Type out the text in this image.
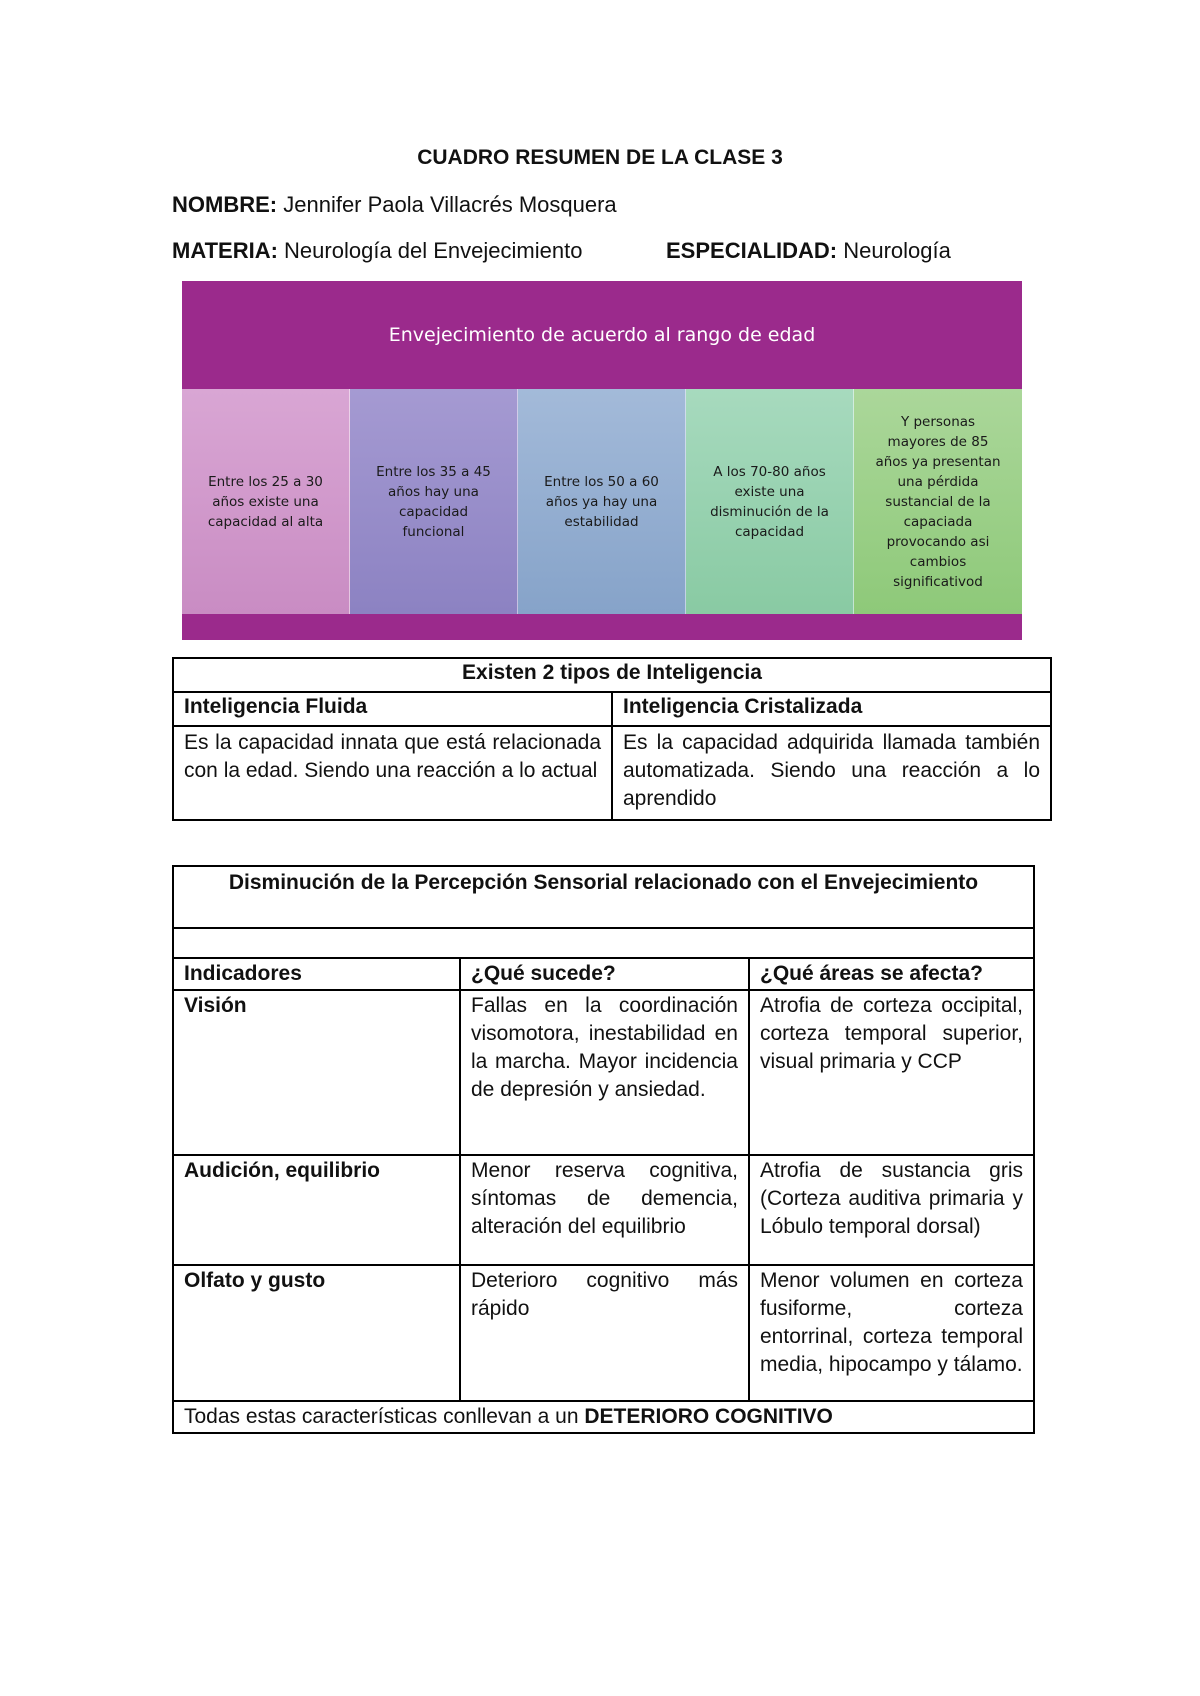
CUADRO RESUMEN DE LA CLASE 3
NOMBRE: Jennifer Paola Villacrés Mosquera
MATERIA: Neurología del Envejecimiento	ESPECIALIDAD: Neurología
Envejecimiento de acuerdo al rango de edad
Entre los 25 a 30
años existe una
capacidad al alta
Entre los 35 a 45
años hay una
capacidad
funcional
Entre los 50 a 60
años ya hay una
estabilidad
A los 70-80 años
existe una
disminución de la
capacidad
Y personas
mayores de 85
años ya presentan
una pérdida
sustancial de la
capaciada
provocando asi
cambios
significativod
Existen 2 tipos de Inteligencia	
Inteligencia Fluida	Inteligencia Cristalizada
Es la capacidad innata que está relacionada con la edad. Siendo una reacción a lo actual	Es la capacidad adquirida llamada también automatizada. Siendo una reacción a lo aprendido
Disminución de la Percepción Sensorial relacionado con el Envejecimiento		

Indicadores	¿Qué sucede?	¿Qué áreas se afecta?
Visión	Fallas en la coordinación visomotora, inestabilidad en la marcha. Mayor incidencia de depresión y ansiedad.	Atrofia de corteza occipital, corteza temporal superior, visual primaria y CCP
Audición, equilibrio	Menor reserva cognitiva, síntomas de demencia, alteración del equilibrio	Atrofia de sustancia gris (Corteza auditiva primaria y Lóbulo temporal dorsal)
Olfato y gusto	Deterioro cognitivo más rápido	Menor volumen en corteza fusiforme, corteza entorrinal, corteza temporal media, hipocampo y tálamo.
Todas estas características conllevan a un DETERIORO COGNITIVO		
